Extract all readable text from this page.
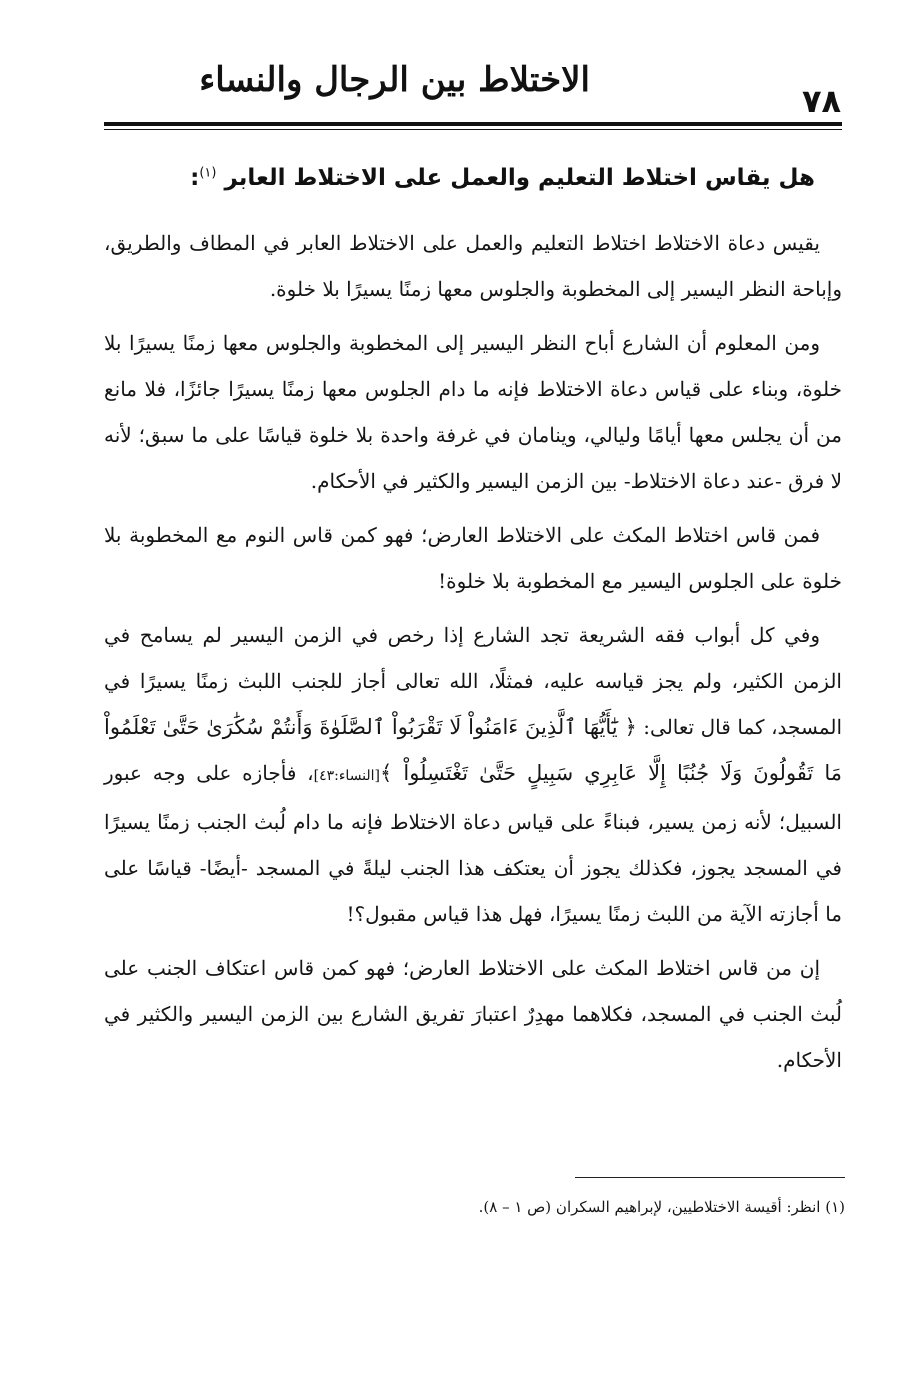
الاختلاط بين الرجال والنساء
٧٨
هل يقاس اختلاط التعليم والعمل على الاختلاط العابر $^{(١)}$:

يقيس دعاة الاختلاط اختلاط التعليم والعمل على الاختلاط العابر في المطاف والطريق، وإباحة النظر اليسير إلى المخطوبة والجلوس معها زمنًا يسيرًا بلا خلوة.

ومن المعلوم أن الشارع أباح النظر اليسير إلى المخطوبة والجلوس معها زمنًا يسيرًا بلا خلوة، وبناء على قياس دعاة الاختلاط فإنه ما دام الجلوس معها زمنًا يسيرًا جائزًا، فلا مانع من أن يجلس معها أيامًا وليالي، وينامان في غرفة واحدة بلا خلوة قياسًا على ما سبق؛ لأنه لا فرق -عند دعاة الاختلاط- بين الزمن اليسير والكثير في الأحكام.

فمن قاس اختلاط المكث على الاختلاط العارض؛ فهو كمن قاس النوم مع المخطوبة بلا خلوة على الجلوس اليسير مع المخطوبة بلا خلوة!

وفي كل أبواب فقه الشريعة تجد الشارع إذا رخص في الزمن اليسير لم يسامح في الزمن الكثير، ولم يجز قياسه عليه، فمثلًا، الله تعالى أجاز للجنب اللبث زمنًا يسيرًا في المسجد، كما قال تعالى: ﴿ يَٰٓأَيُّهَا ٱلَّذِينَ ءَامَنُواْ لَا تَقْرَبُواْ ٱلصَّلَوٰةَ وَأَنتُمْ سُكَٰرَىٰ حَتَّىٰ تَعْلَمُواْ مَا تَقُولُونَ وَلَا جُنُبًا إِلَّا عَابِرِي سَبِيلٍ حَتَّىٰ تَغْتَسِلُواْ ﴾[النساء:٤٣]، فأجازه على وجه عبور السبيل؛ لأنه زمن يسير، فبناءً على قياس دعاة الاختلاط فإنه ما دام لُبث الجنب زمنًا يسيرًا في المسجد يجوز، فكذلك يجوز أن يعتكف هذا الجنب ليلةً في المسجد -أيضًا- قياسًا على ما أجازته الآية من اللبث زمنًا يسيرًا، فهل هذا قياس مقبول؟!

إن من قاس اختلاط المكث على الاختلاط العارض؛ فهو كمن قاس اعتكاف الجنب على لُبث الجنب في المسجد، فكلاهما مهدِرٌ اعتبارَ تفريق الشارع بين الزمن اليسير والكثير في الأحكام.

(١) انظر: أقيسة الاختلاطيين، لإبراهيم السكران (ص ١ – ٨).
